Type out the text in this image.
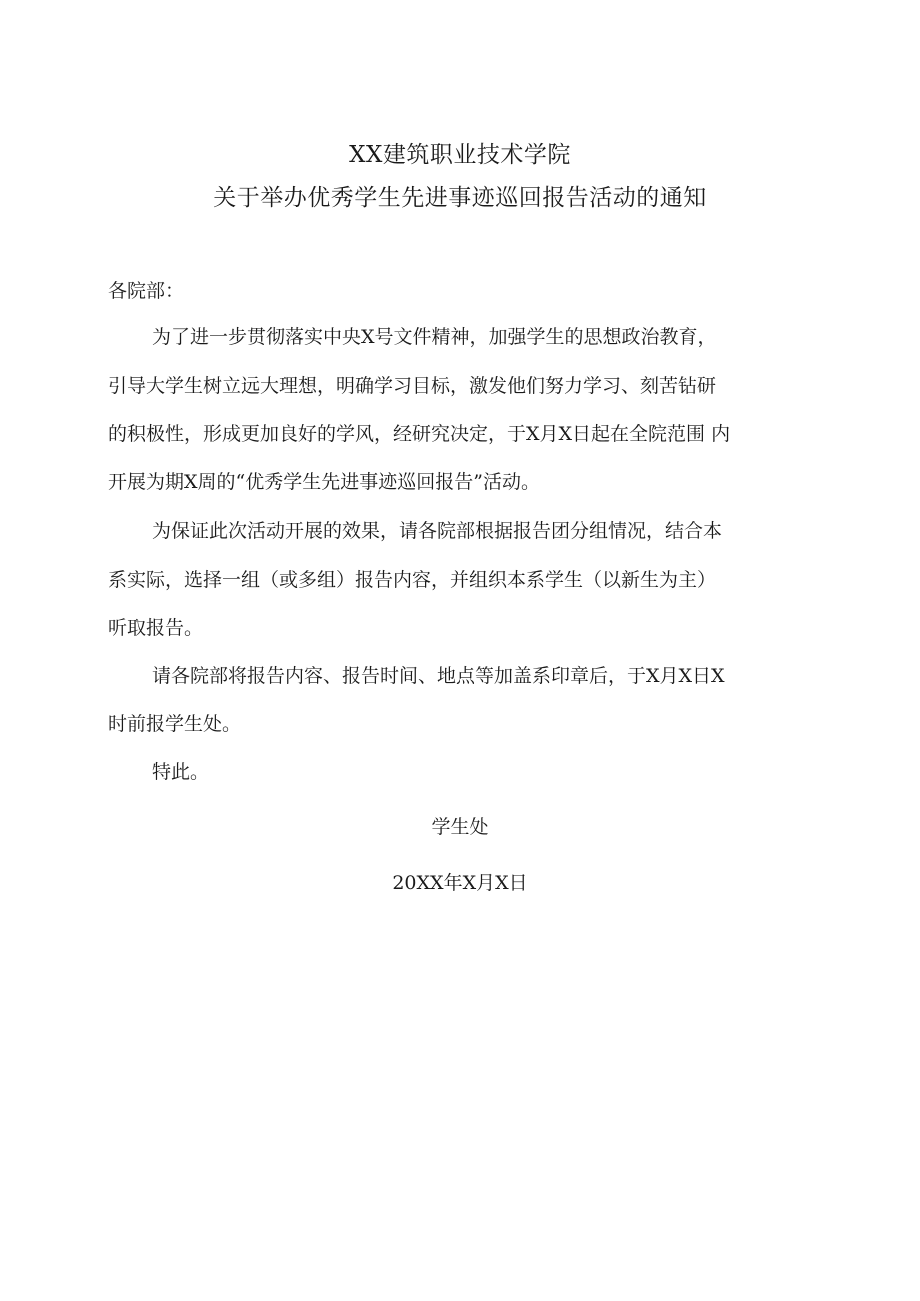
XX建筑职业技术学院
关于举办优秀学生先进事迹巡回报告活动的通知
各院部：
为了进一步贯彻落实中央X号文件精神，加强学生的思想政治教育，
引导大学生树立远大理想，明确学习目标，激发他们努力学习、刻苦钻研
的积极性，形成更加良好的学风，经研究决定，于X月X日起在全院范围 内
开展为期X周的“优秀学生先进事迹巡回报告”活动。
为保证此次活动开展的效果，请各院部根据报告团分组情况，结合本
系实际，选择一组（或多组）报告内容，并组织本系学生（以新生为主）
听取报告。
请各院部将报告内容、报告时间、地点等加盖系印章后，于X月X日X
时前报学生处。
特此。
学生处
20XX年X月X日
